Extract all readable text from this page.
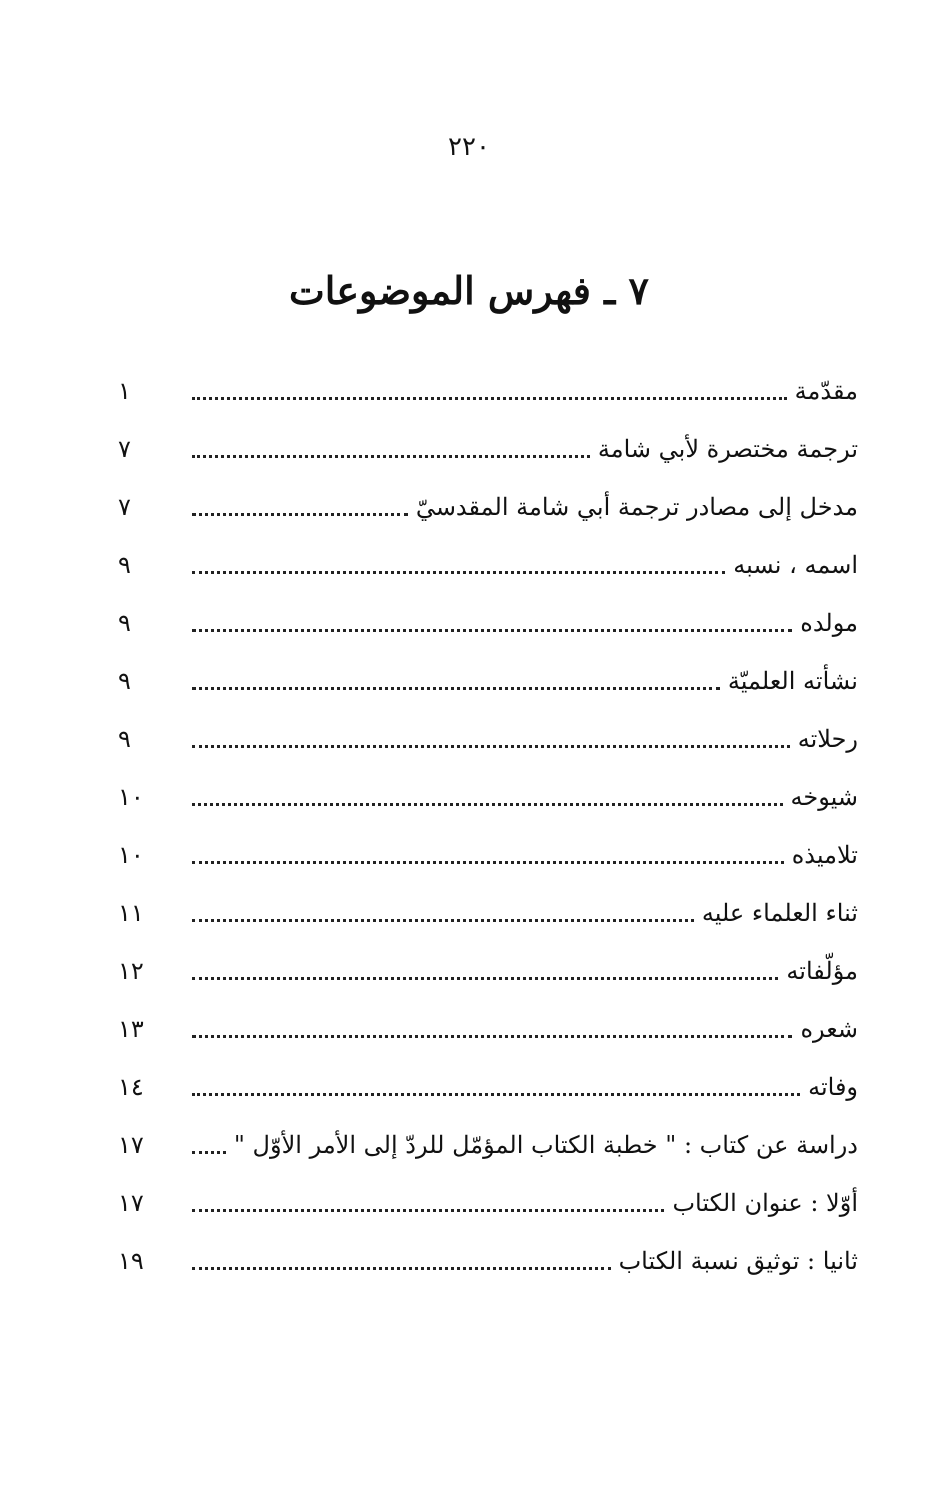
٢٢٠
٧ ـ فهرس الموضوعات
مقدّمة
١
ترجمة مختصرة لأبي شامة
٧
مدخل إلى مصادر ترجمة أبي شامة المقدسيّ
٧
اسمه ، نسبه
٩
مولده
٩
نشأته العلميّة
٩
رحلاته
٩
شيوخه
١٠
تلاميذه
١٠
ثناء العلماء عليه
١١
مؤلّفاته
١٢
شعره
١٣
وفاته
١٤
دراسة عن كتاب : " خطبة الكتاب المؤمّل للردّ إلى الأمر الأوّل "
١٧
أوّلا : عنوان الكتاب
١٧
ثانيا : توثيق نسبة الكتاب
١٩
